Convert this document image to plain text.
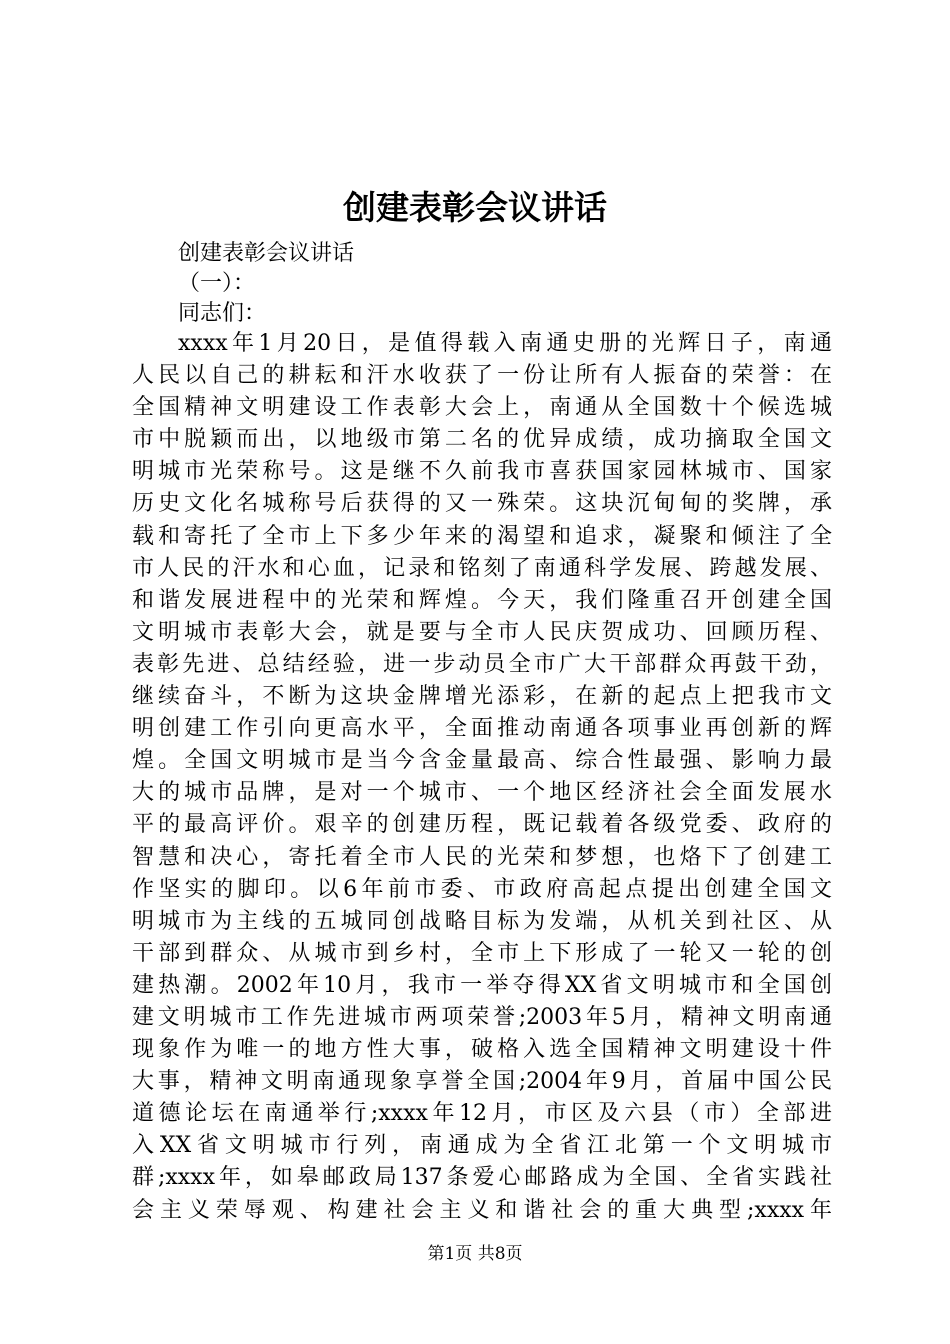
创建表彰会议讲话

创建表彰会议讲话

（一）：

同志们：

xxxx年1月20日，是值得载入南通史册的光辉日子，南通
人民以自己的耕耘和汗水收获了一份让所有人振奋的荣誉：在
全国精神文明建设工作表彰大会上，南通从全国数十个候选城
市中脱颖而出，以地级市第二名的优异成绩，成功摘取全国文
明城市光荣称号。这是继不久前我市喜获国家园林城市、国家
历史文化名城称号后获得的又一殊荣。这块沉甸甸的奖牌，承
载和寄托了全市上下多少年来的渴望和追求，凝聚和倾注了全
市人民的汗水和心血，记录和铭刻了南通科学发展、跨越发展、
和谐发展进程中的光荣和辉煌。今天，我们隆重召开创建全国
文明城市表彰大会，就是要与全市人民庆贺成功、回顾历程、
表彰先进、总结经验，进一步动员全市广大干部群众再鼓干劲，
继续奋斗，不断为这块金牌增光添彩，在新的起点上把我市文
明创建工作引向更高水平，全面推动南通各项事业再创新的辉
煌。全国文明城市是当今含金量最高、综合性最强、影响力最
大的城市品牌，是对一个城市、一个地区经济社会全面发展水
平的最高评价。艰辛的创建历程，既记载着各级党委、政府的
智慧和决心，寄托着全市人民的光荣和梦想，也烙下了创建工
作坚实的脚印。以6年前市委、市政府高起点提出创建全国文
明城市为主线的五城同创战略目标为发端，从机关到社区、从
干部到群众、从城市到乡村，全市上下形成了一轮又一轮的创
建热潮。2002年10月，我市一举夺得XX省文明城市和全国创
建文明城市工作先进城市两项荣誉;2003年5月，精神文明南通
现象作为唯一的地方性大事，破格入选全国精神文明建设十件
大事，精神文明南通现象享誉全国;2004年9月，首届中国公民
道德论坛在南通举行;xxxx年12月，市区及六县（市）全部进
入XX省文明城市行列，南通成为全省江北第一个文明城市
群;xxxx年，如皋邮政局137条爱心邮路成为全国、全省实践社
会主义荣辱观、构建社会主义和谐社会的重大典型;xxxx年

第1页 共8页
